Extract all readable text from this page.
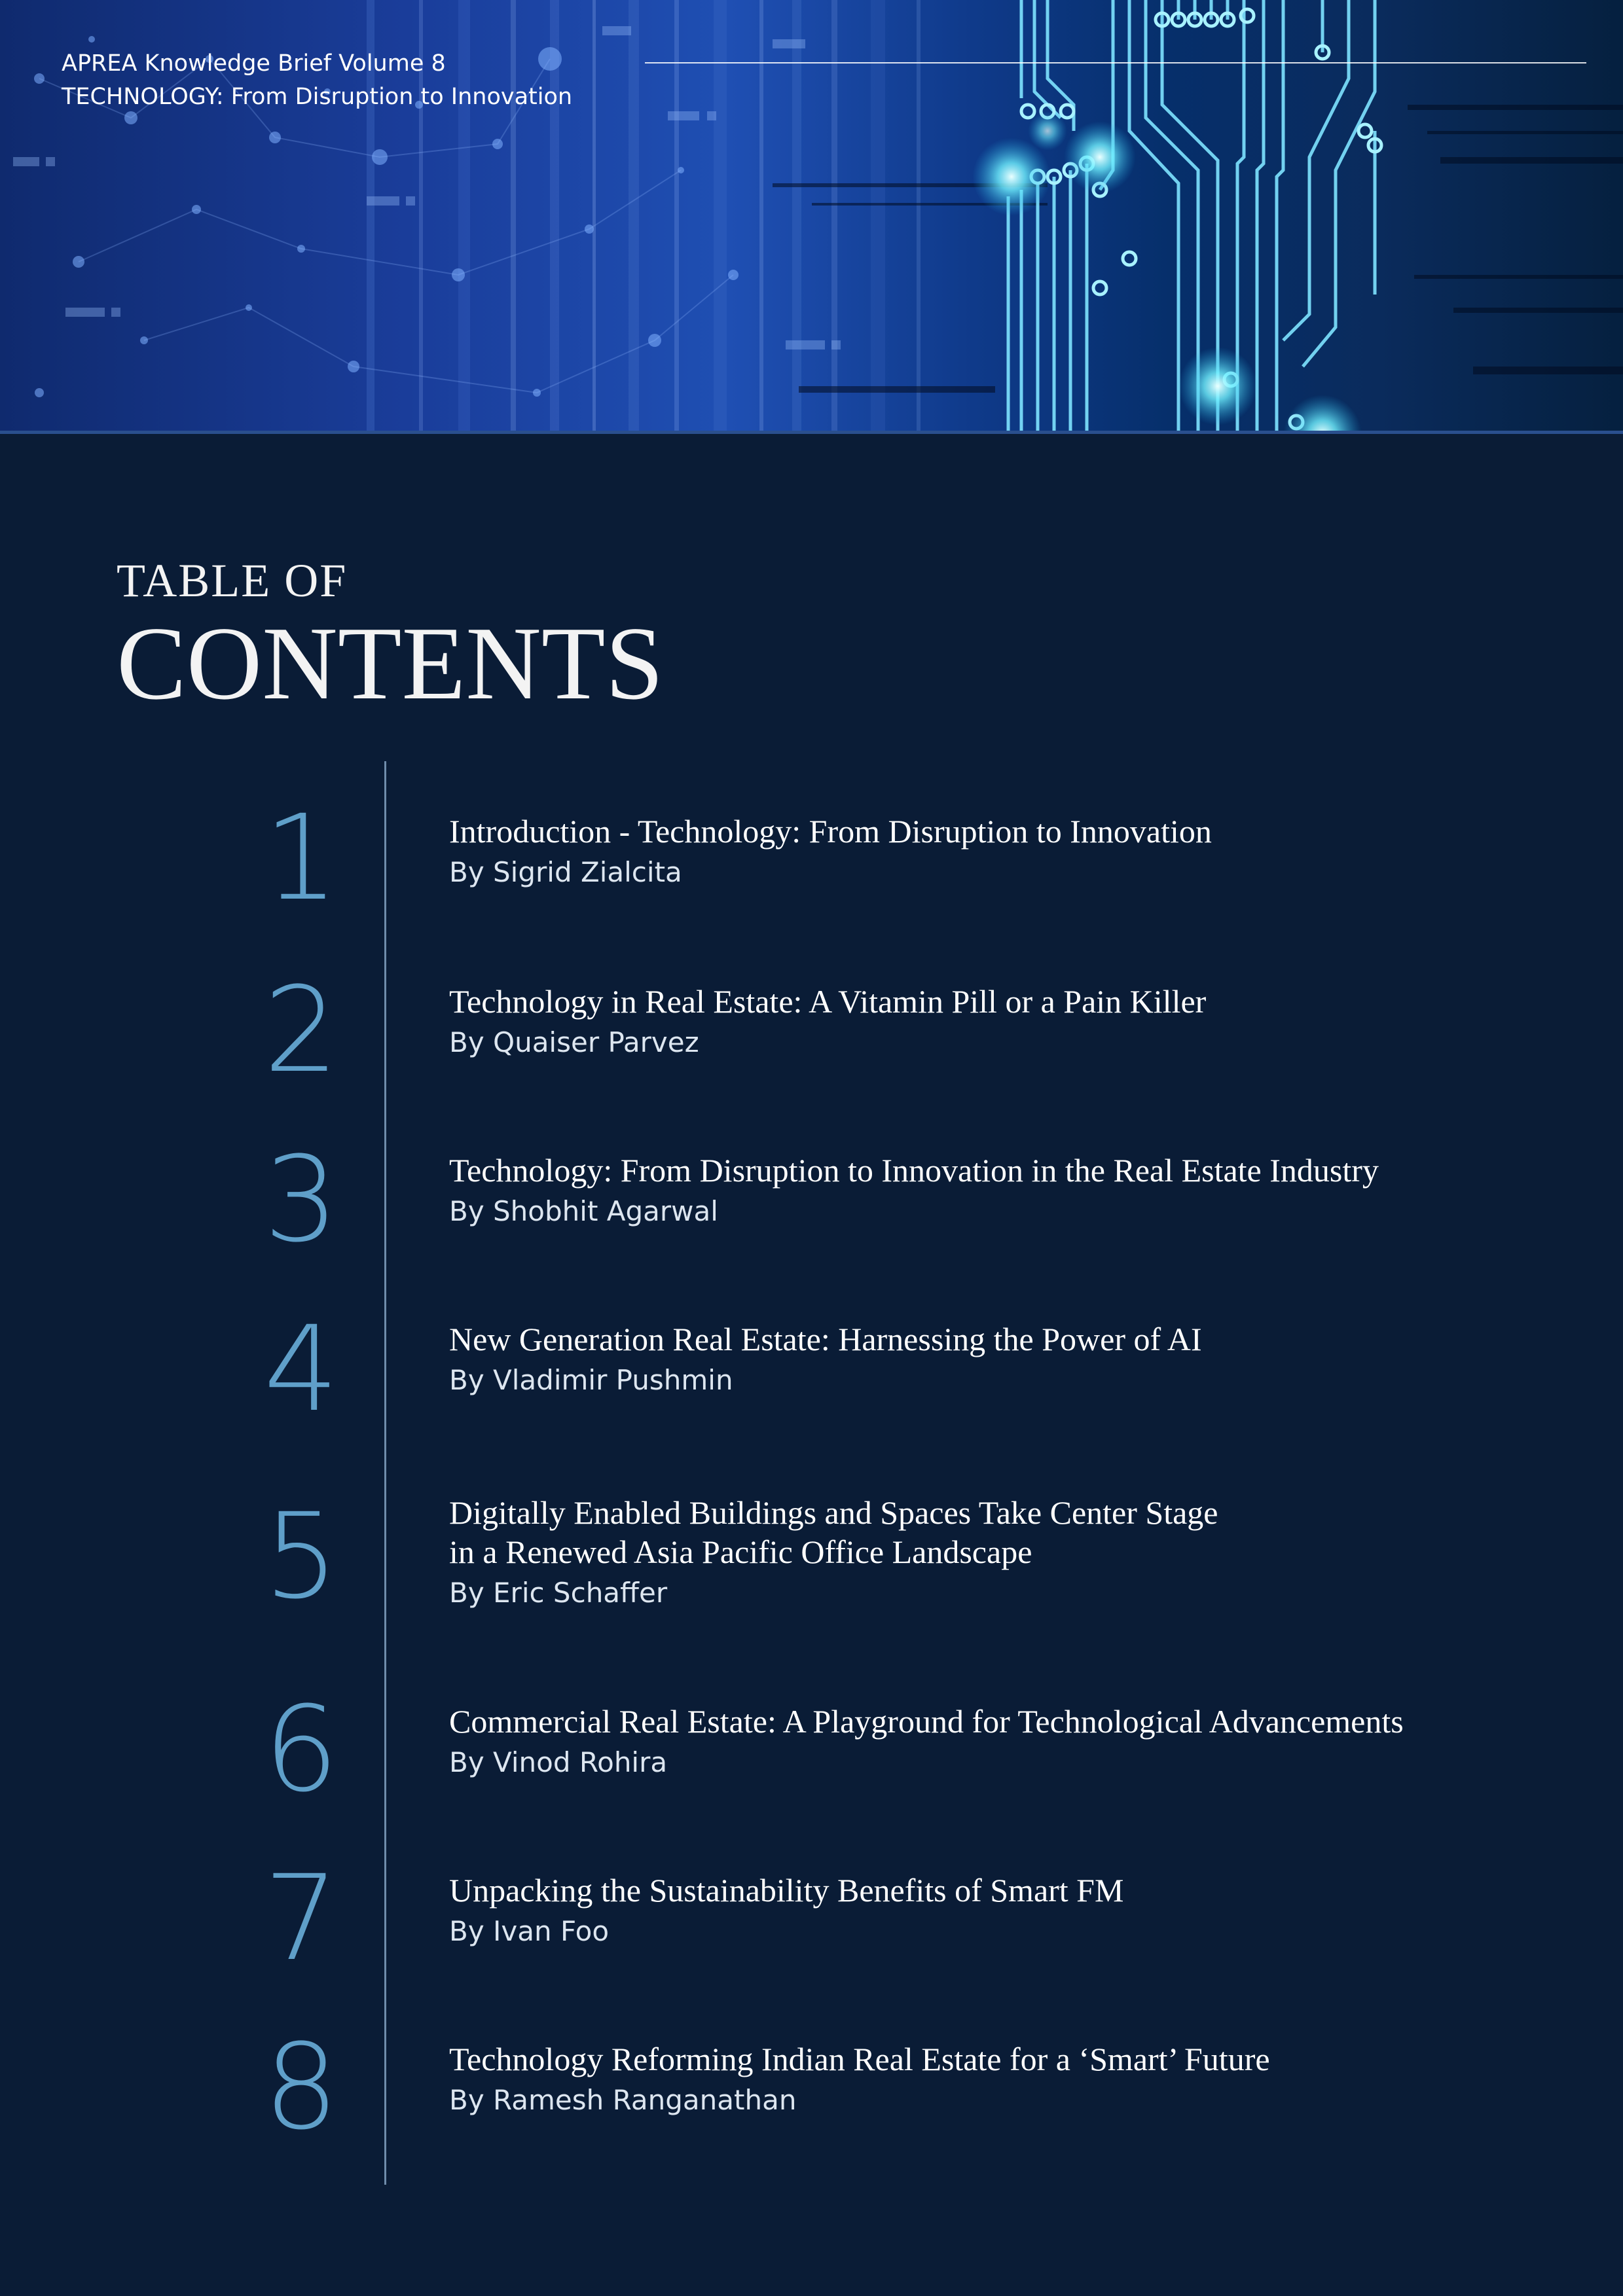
APREA Knowledge Brief Volume 8
TECHNOLOGY: From Disruption to Innovation
TABLE OF
CONTENTS
1	Introduction - Technology: From Disruption to Innovation
By Sigrid Zialcita
2	Technology in Real Estate: A Vitamin Pill or a Pain Killer
By Quaiser Parvez
3	Technology: From Disruption to Innovation in the Real Estate Industry
By Shobhit Agarwal
4	New Generation Real Estate: Harnessing the Power of AI
By Vladimir Pushmin
5	Digitally Enabled Buildings and Spaces Take Center Stage
in a Renewed Asia Pacific Office Landscape
By Eric Schaffer
6	Commercial Real Estate: A Playground for Technological Advancements
By Vinod Rohira
7	Unpacking the Sustainability Benefits of Smart FM
By Ivan Foo
8	Technology Reforming Indian Real Estate for a ‘Smart’ Future
By Ramesh Ranganathan
